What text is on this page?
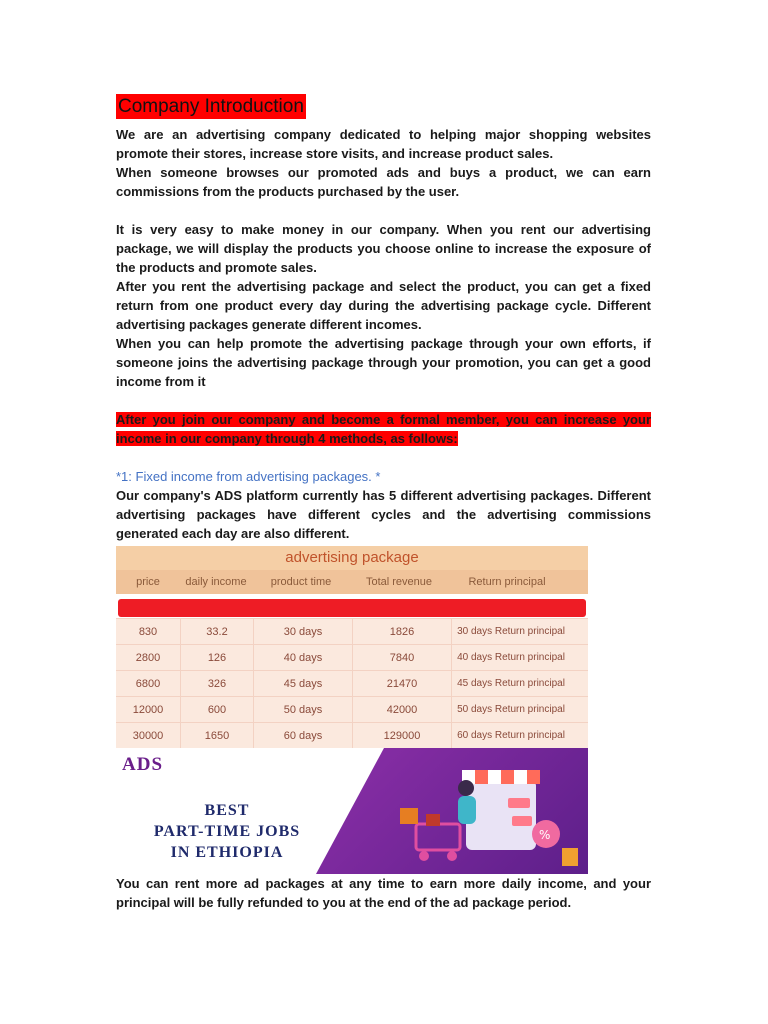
Company Introduction

We are an advertising company dedicated to helping major shopping websites promote their stores, increase store visits, and increase product sales.

When someone browses our promoted ads and buys a product, we can earn commissions from the products purchased by the user.

It is very easy to make money in our company. When you rent our advertising package, we will display the products you choose online to increase the exposure of the products and promote sales.

After you rent the advertising package and select the product, you can get a fixed return from one product every day during the advertising package cycle. Different advertising packages generate different incomes.

When you can help promote the advertising package through your own efforts, if someone joins the advertising package through your promotion, you can get a good income from it

After you join our company and become a formal member, you can increase your income in our company through 4 methods, as follows:

*1: Fixed income from advertising packages. *

Our company's ADS platform currently has 5 different advertising packages. Different advertising packages have different cycles and the advertising commissions generated each day are also different.

advertising package
price	daily income	product time	Total revenue	Return principal
830	33.2	30 days	1826	30 days Return principal
2800	126	40 days	7840	40 days Return principal
6800	326	45 days	21470	45 days Return principal
12000	600	50 days	42000	50 days Return principal
30000	1650	60 days	129000	60 days Return principal
ADS
BEST
PART-TIME JOBS
IN ETHIOPIA
%

You can rent more ad packages at any time to earn more daily income, and your principal will be fully refunded to you at the end of the ad package period.
